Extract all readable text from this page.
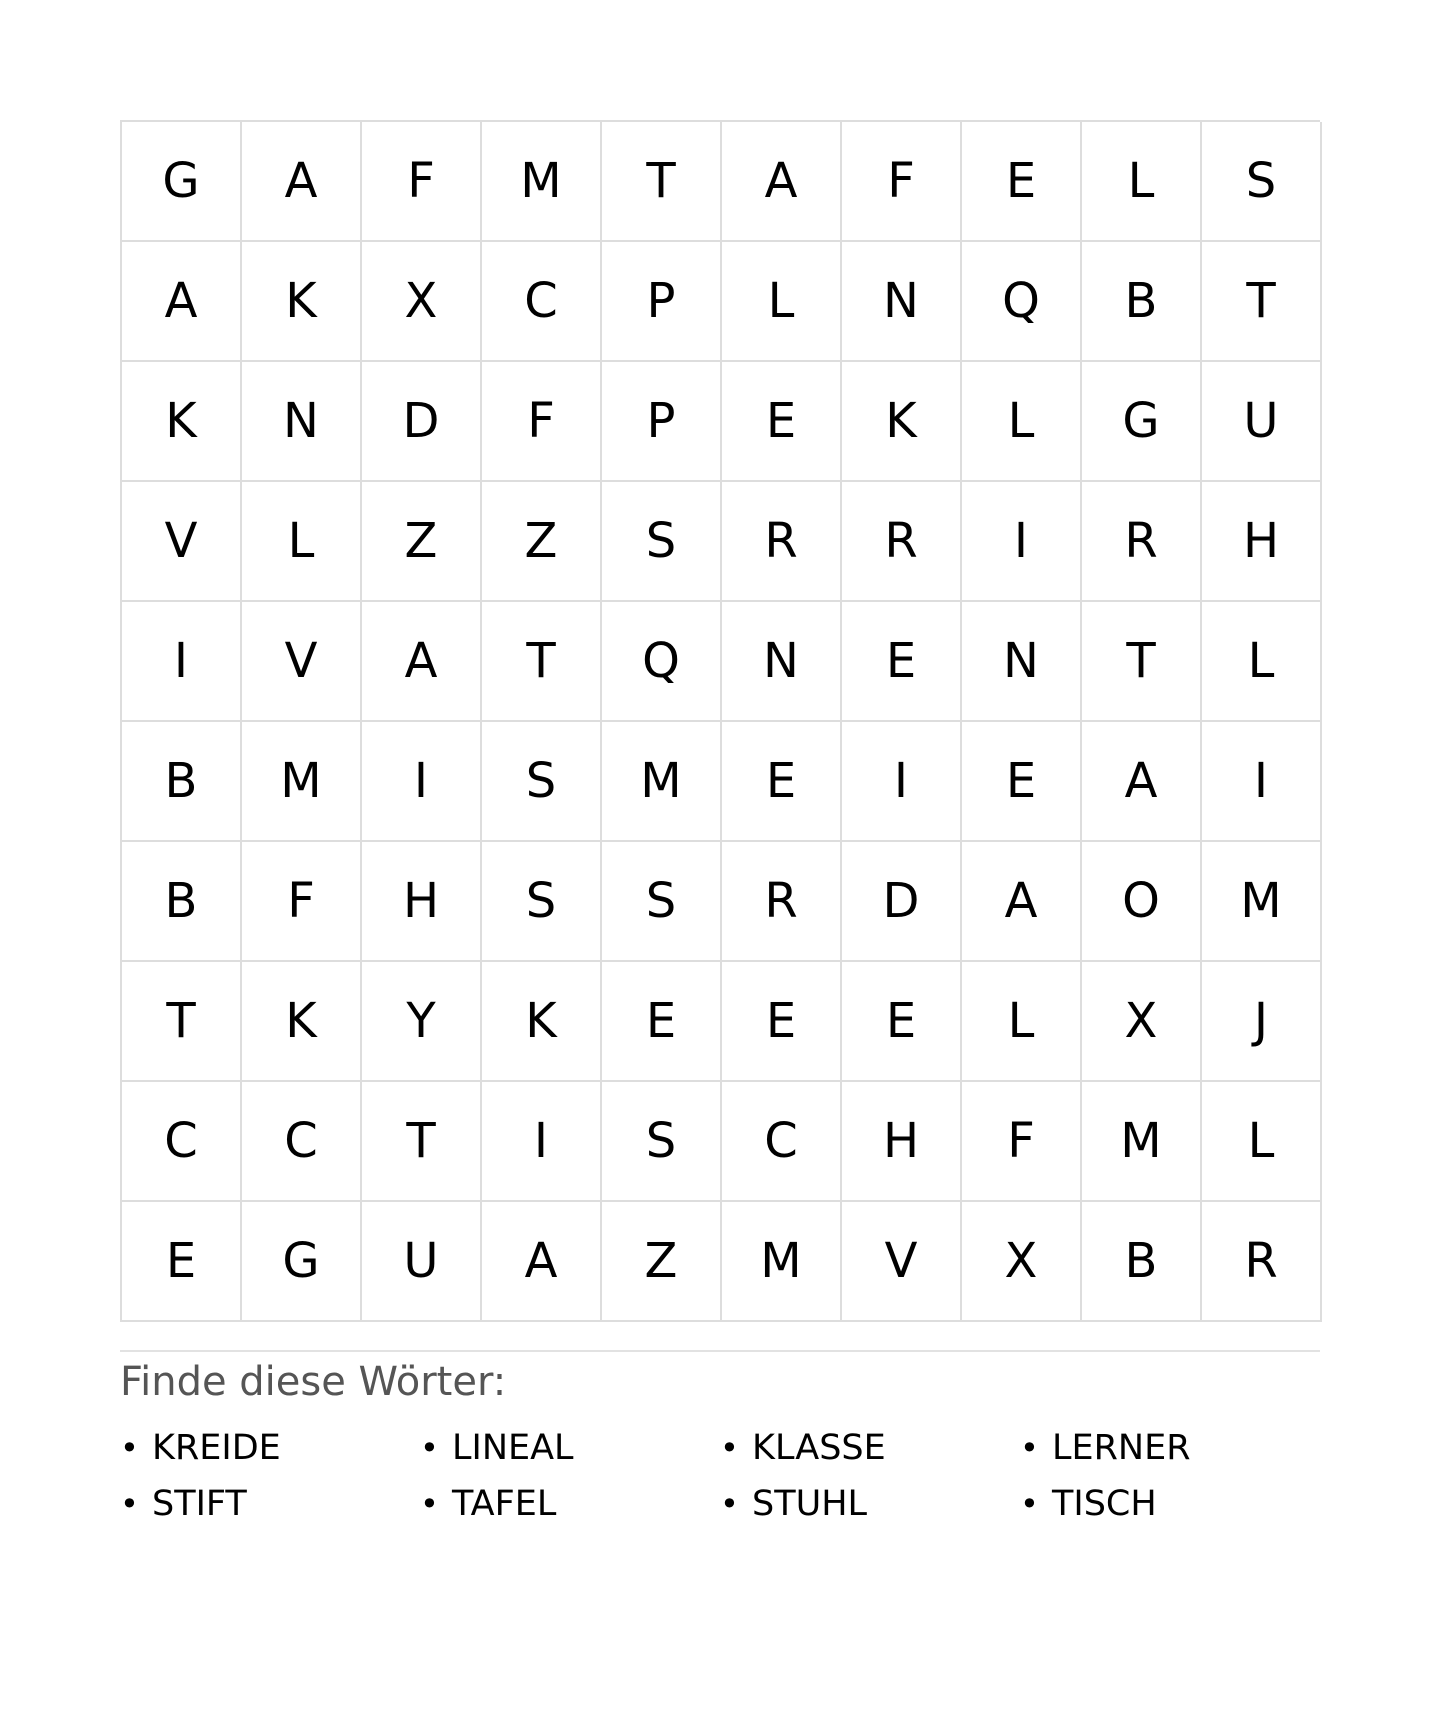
G	A	F	M	T	A	F	E	L	S
A	K	X	C	P	L	N	Q	B	T
K	N	D	F	P	E	K	L	G	U
V	L	Z	Z	S	R	R	I	R	H
I	V	A	T	Q	N	E	N	T	L
B	M	I	S	M	E	I	E	A	I
B	F	H	S	S	R	D	A	O	M
T	K	Y	K	E	E	E	L	X	J
C	C	T	I	S	C	H	F	M	L
E	G	U	A	Z	M	V	X	B	R
Finde diese Wörter:
• KREIDE	• LINEAL	• KLASSE	• LERNER
• STIFT	• TAFEL	• STUHL	• TISCH
